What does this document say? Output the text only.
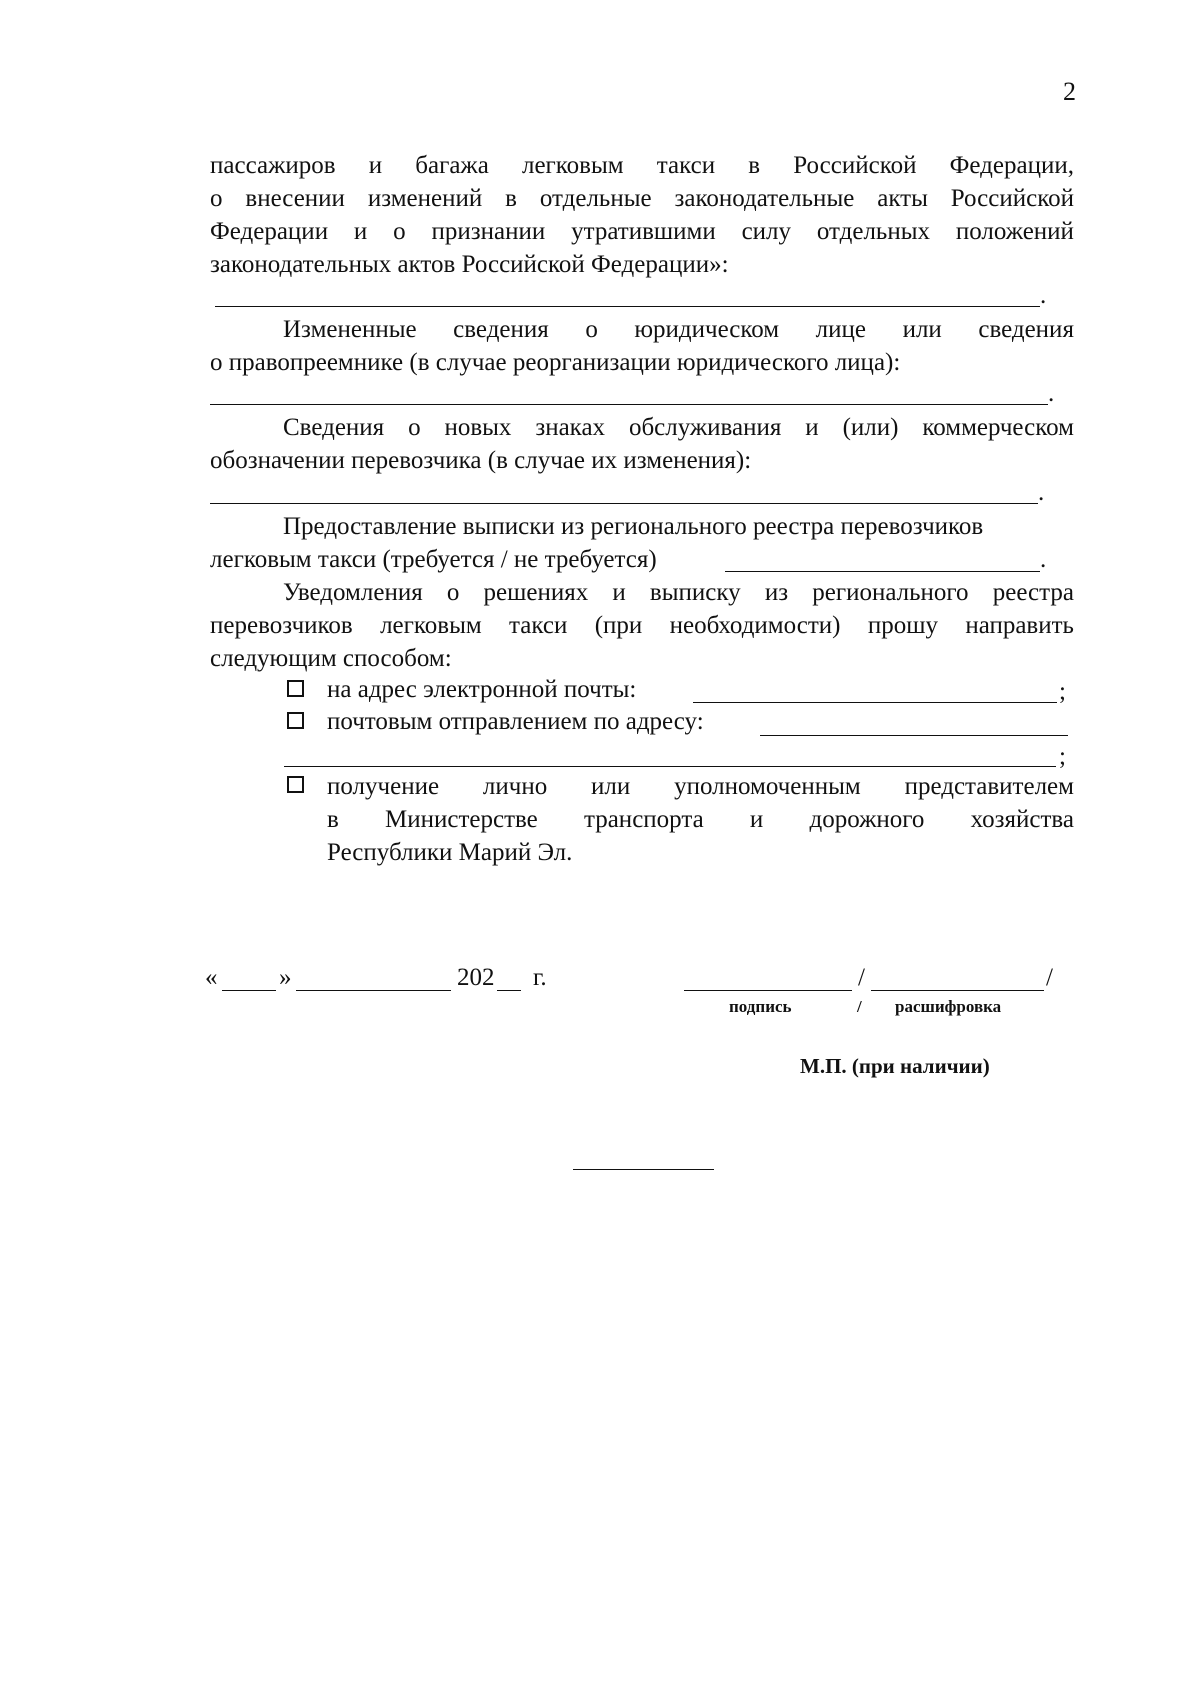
2
пассажиров и багажа легковым такси в Российской Федерации,
о внесении изменений в отдельные законодательные акты Российской
Федерации и о признании утратившими силу отдельных положений
законодательных актов Российской Федерации»:
.
Измененные сведения о юридическом лице или сведения
о правопреемнике (в случае реорганизации юридического лица):
.
Сведения о новых знаках обслуживания и (или) коммерческом
обозначении перевозчика (в случае их изменения):
.
Предоставление выписки из регионального реестра перевозчиков
легковым такси (требуется / не требуется)	.
Уведомления о решениях и выписку из регионального реестра
перевозчиков легковым такси (при необходимости) прошу направить
следующим способом:
на адрес электронной почты:	;
почтовым отправлением по адресу:
;
получение лично или уполномоченным представителем
в Министерстве транспорта и дорожного хозяйства
Республики Марий Эл.
« »	202 г.	/	/
подпись	/ расшифровка
М.П. (при наличии)
